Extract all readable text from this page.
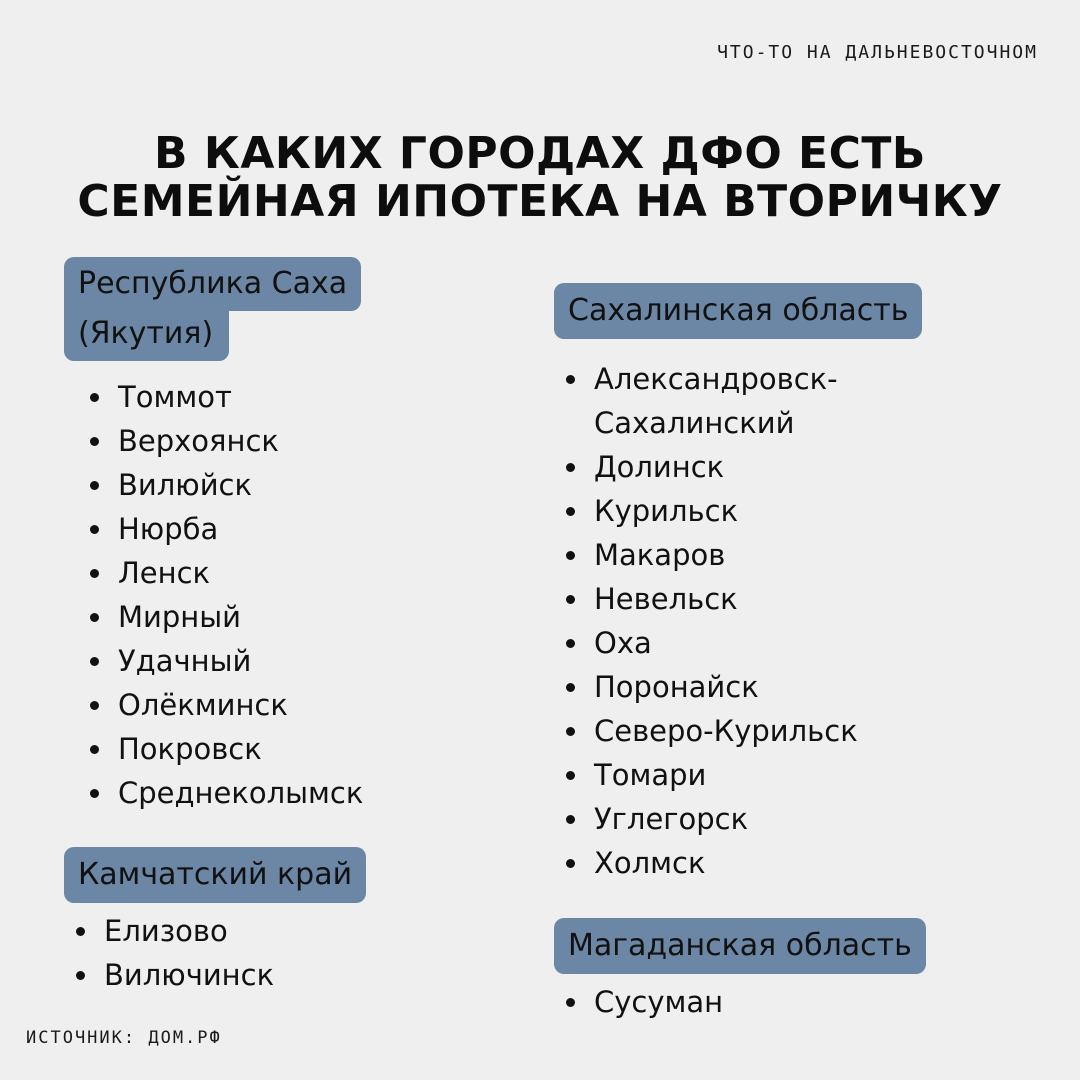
ЧТО-ТО НА ДАЛЬНЕВОСТОЧНОМ
В КАКИХ ГОРОДАХ ДФО ЕСТЬ
СЕМЕЙНАЯ ИПОТЕКА НА ВТОРИЧКУ
Республика Саха
(Якутия)
Томмот
Верхоянск
Вилюйск
Нюрба
Ленск
Мирный
Удачный
Олёкминск
Покровск
Среднеколымск
Камчатский край
Елизово
Вилючинск
Сахалинская область
Александровск-Сахалинский
Долинск
Курильск
Макаров
Невельск
Оха
Поронайск
Северо-Курильск
Томари
Углегорск
Холмск
Магаданская область
Сусуман
ИСТОЧНИК: ДОМ.РФ
